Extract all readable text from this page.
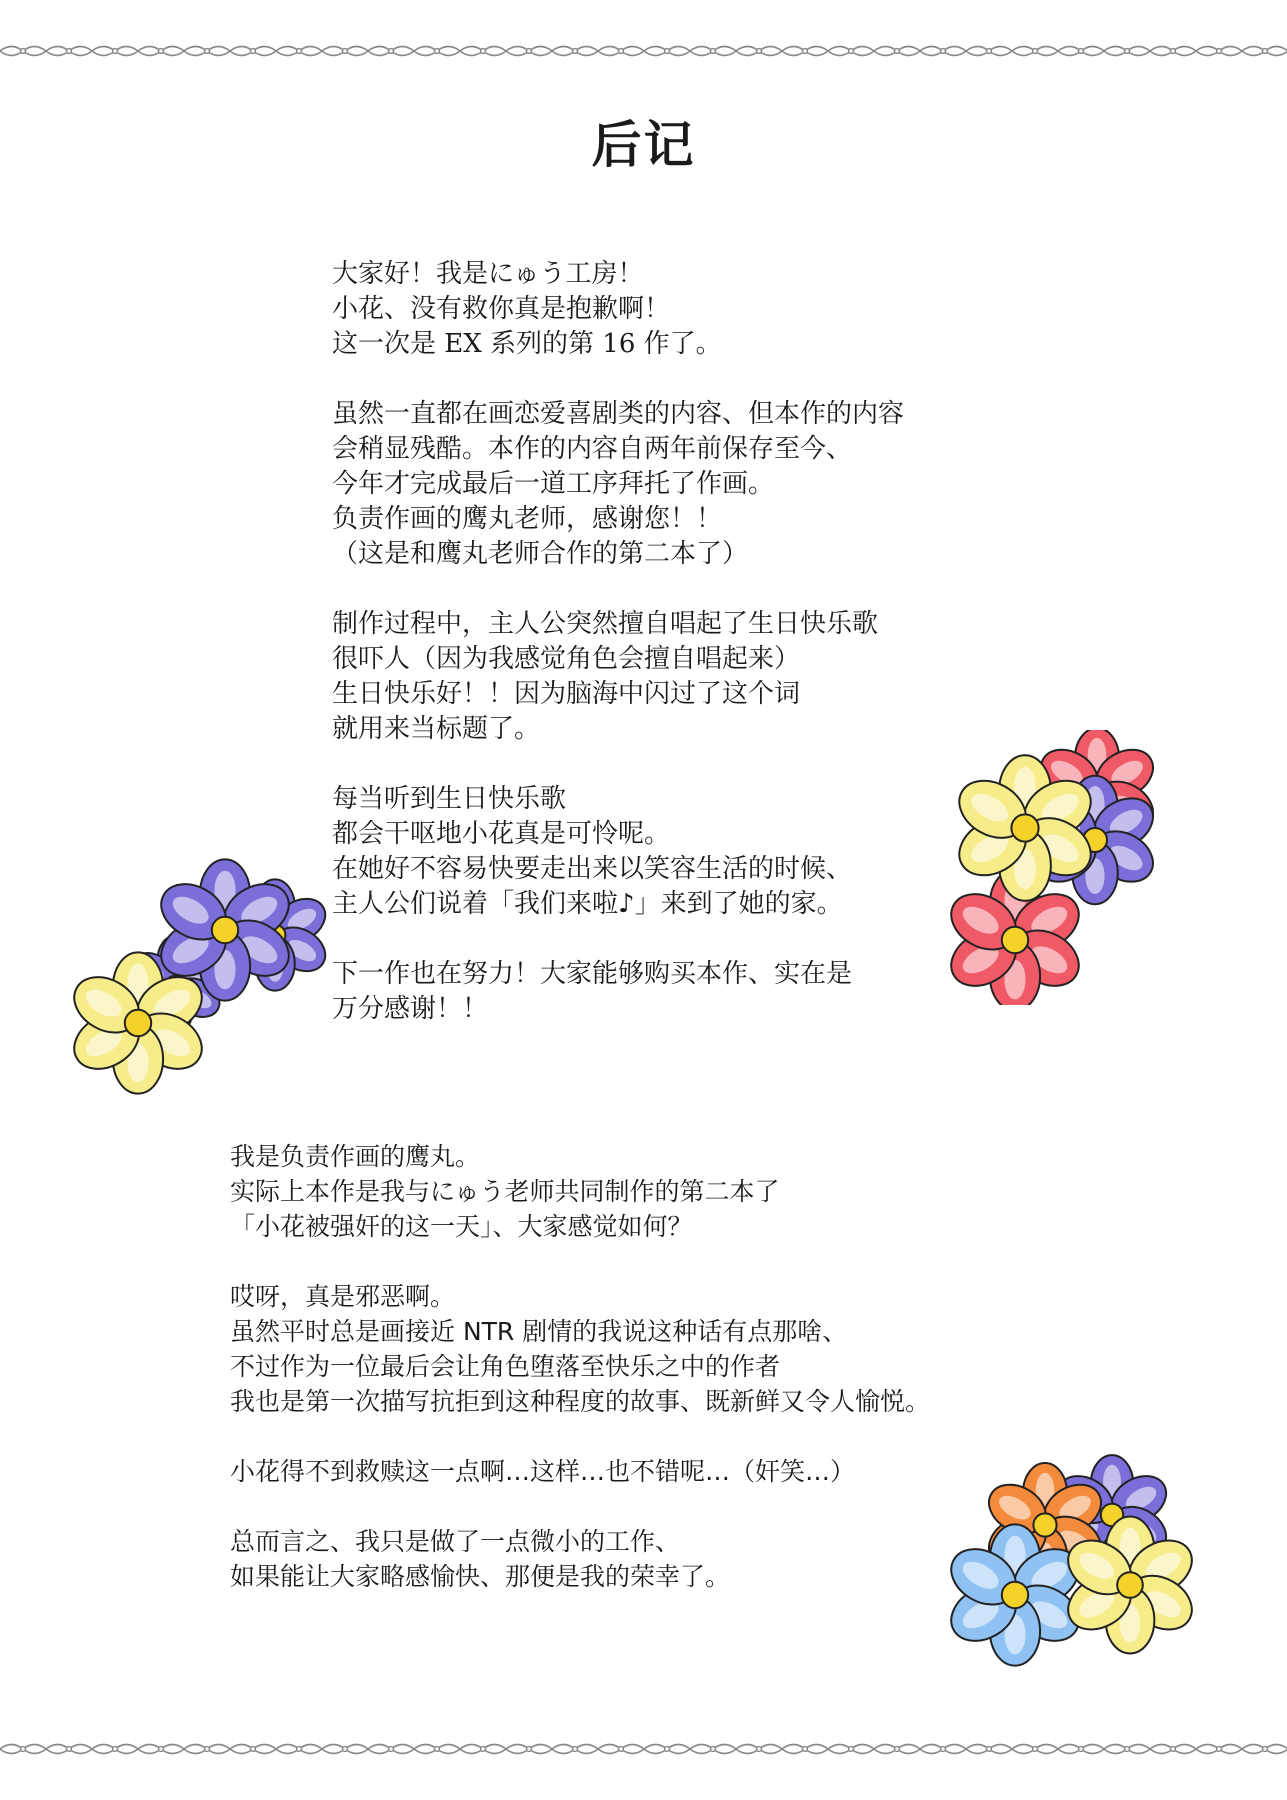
后记
大家好！我是にゅう工房！
小花、没有救你真是抱歉啊！
这一次是 EX 系列的第 16 作了。
虽然一直都在画恋爱喜剧类的内容、但本作的内容
会稍显残酷。本作的内容自两年前保存至今、
今年才完成最后一道工序拜托了作画。
负责作画的鹰丸老师，感谢您！！
（这是和鹰丸老师合作的第二本了）
制作过程中，主人公突然擅自唱起了生日快乐歌
很吓人（因为我感觉角色会擅自唱起来）
生日快乐好！！因为脑海中闪过了这个词
就用来当标题了。
每当听到生日快乐歌
都会干呕地小花真是可怜呢。
在她好不容易快要走出来以笑容生活的时候、
主人公们说着「我们来啦♪」来到了她的家。
下一作也在努力！大家能够购买本作、实在是
万分感谢！！
我是负责作画的鹰丸。
实际上本作是我与にゅう老师共同制作的第二本了
「小花被强奸的这一天」、大家感觉如何？
哎呀，真是邪恶啊。
虽然平时总是画接近 NTR 剧情的我说这种话有点那啥、
不过作为一位最后会让角色堕落至快乐之中的作者
我也是第一次描写抗拒到这种程度的故事、既新鲜又令人愉悦。
小花得不到救赎这一点啊…这样…也不错呢…（奸笑…）
总而言之、我只是做了一点微小的工作、
如果能让大家略感愉快、那便是我的荣幸了。
